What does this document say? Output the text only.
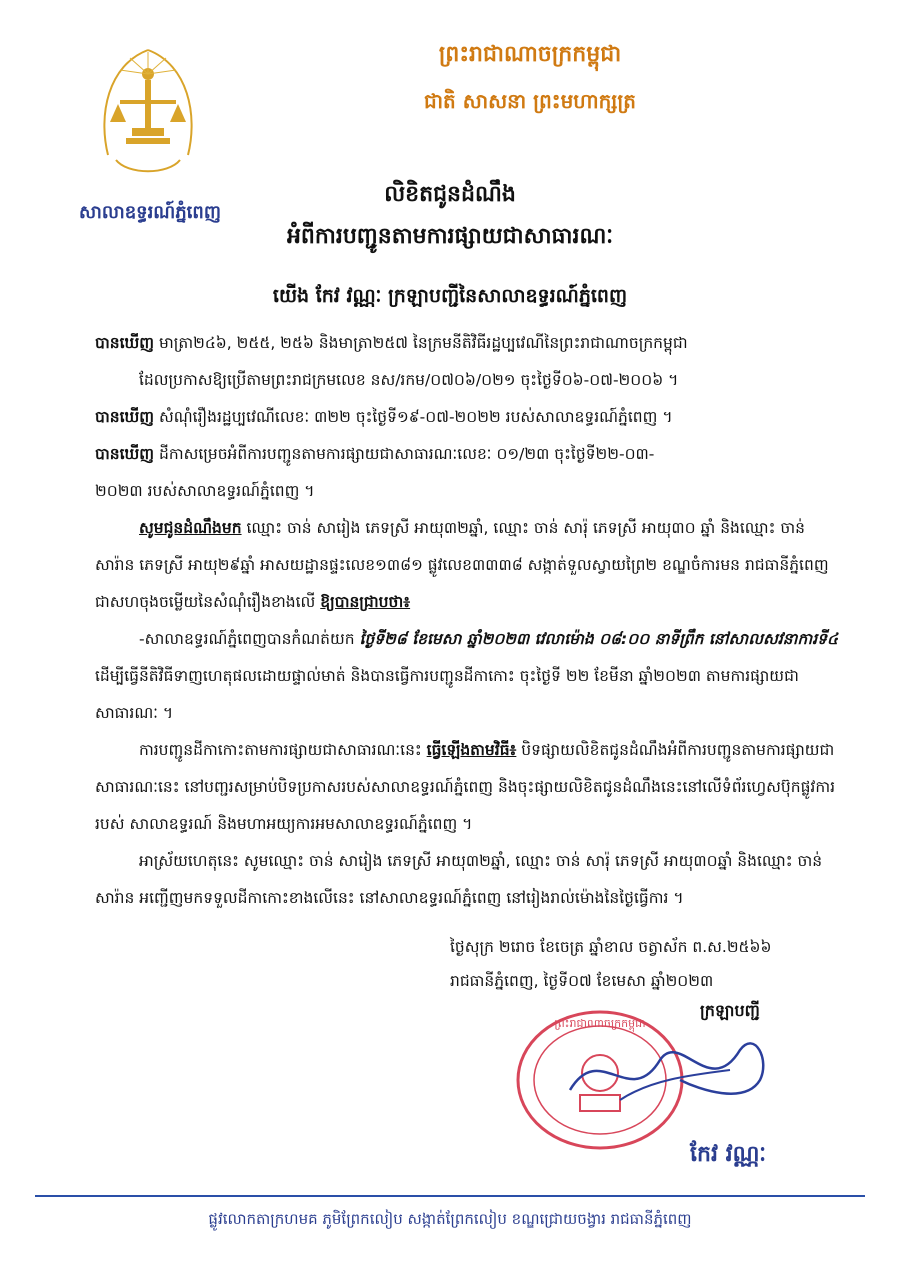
សាលាឧទ្ធរណ៍ភ្នំពេញ
ព្រះរាជាណាចក្រកម្ពុជា
ជាតិ សាសនា ព្រះមហាក្សត្រ
លិខិតជូនដំណឹង
អំពីការបញ្ជូនតាមការផ្សាយជាសាធារណៈ
យើង កែវ វណ្ណៈ ក្រឡាបញ្ជីនៃសាលាឧទ្ធរណ៍ភ្នំពេញ

បានឃើញ មាត្រា២៤៦, ២៥៥, ២៥៦ និងមាត្រា២៥៧ នៃក្រមនីតិវិធីរដ្ឋប្បវេណីនៃព្រះរាជាណាចក្រកម្ពុជា

ដែលប្រកាសឱ្យប្រើតាមព្រះរាជក្រមលេខ នស/រកម/០៧០៦/០២១ ចុះថ្ងៃទី០៦-០៧-២០០៦ ។

បានឃើញ សំណុំរឿងរដ្ឋប្បវេណីលេខៈ ៣២២ ចុះថ្ងៃទី១៩-០៧-២០២២ របស់សាលាឧទ្ធរណ៍ភ្នំពេញ ។

បានឃើញ ដីកាសម្រេចអំពីការបញ្ជូនតាមការផ្សាយជាសាធារណៈលេខៈ ០១/២៣ ចុះថ្ងៃទី២២-០៣-

២០២៣ របស់សាលាឧទ្ធរណ៍ភ្នំពេញ ។

សូមជូនដំណឹងមក ឈ្មោះ ចាន់ សារៀង ភេទស្រី អាយុ៣២ឆ្នាំ, ឈ្មោះ ចាន់ សារ៉ុ ភេទស្រី អាយុ៣០ ឆ្នាំ និងឈ្មោះ ចាន់ សារ៉ាន ភេទស្រី អាយុ២៩ឆ្នាំ អាសយដ្ឋានផ្ទះលេខ១៣៨១ ផ្លូវលេខ៣៣៣៨ សង្កាត់ទួលស្វាយព្រៃ២ ខណ្ឌចំការមន រាជធានីភ្នំពេញ ជាសហចុងចម្លើយនៃសំណុំរឿងខាងលើ ឱ្យបានជ្រាបថា៖

-សាលាឧទ្ធរណ៍ភ្នំពេញបានកំណត់យក ថ្ងៃទី២៨ ខែមេសា ឆ្នាំ២០២៣ វេលាម៉ោង ០៨:០០ នាទីព្រឹក នៅសាលសវនាការទី៤ ដើម្បីធ្វើនីតិវិធីទាញហេតុផលដោយផ្ទាល់មាត់ និងបានធ្វើការបញ្ជូនដីកាកោះ ចុះថ្ងៃទី ២២ ខែមីនា ឆ្នាំ២០២៣ តាមការផ្សាយជាសាធារណៈ ។

ការបញ្ជូនដីកាកោះតាមការផ្សាយជាសាធារណៈនេះ ធ្វើឡើងតាមវិធី៖ បិទផ្សាយលិខិតជូនដំណឹងអំពីការបញ្ជូនតាមការផ្សាយជាសាធារណៈនេះ នៅបញ្ជរសម្រាប់បិទប្រកាសរបស់សាលាឧទ្ធរណ៍ភ្នំពេញ និងចុះផ្សាយលិខិតជូនដំណឹងនេះនៅលើទំព័រហ្វេសប៊ុកផ្លូវការរបស់ សាលាឧទ្ធរណ៍ និងមហាអយ្យការអមសាលាឧទ្ធរណ៍ភ្នំពេញ ។

អាស្រ័យហេតុនេះ សូមឈ្មោះ ចាន់ សារៀង ភេទស្រី អាយុ៣២ឆ្នាំ, ឈ្មោះ ចាន់ សារ៉ុ ភេទស្រី អាយុ៣០ឆ្នាំ និងឈ្មោះ ចាន់ សារ៉ាន អញ្ជើញមកទទួលដីកាកោះខាងលើនេះ នៅសាលាឧទ្ធរណ៍ភ្នំពេញ នៅរៀងរាល់ម៉ោងនៃថ្ងៃធ្វើការ ។

ថ្ងៃសុក្រ ២រោច ខែចេត្រ ឆ្នាំខាល ចត្វាស័ក ព.ស.២៥៦៦
រាជធានីភ្នំពេញ, ថ្ងៃទី០៧ ខែមេសា ឆ្នាំ២០២៣
ព្រះរាជាណាចក្រកម្ពុជា
ក្រឡាបញ្ជី
កែវ វណ្ណៈ
ផ្លូវលោកតាក្រហមគ ភូមិព្រែកលៀប សង្កាត់ព្រែកលៀប ខណ្ឌជ្រោយចង្វារ រាជធានីភ្នំពេញ
